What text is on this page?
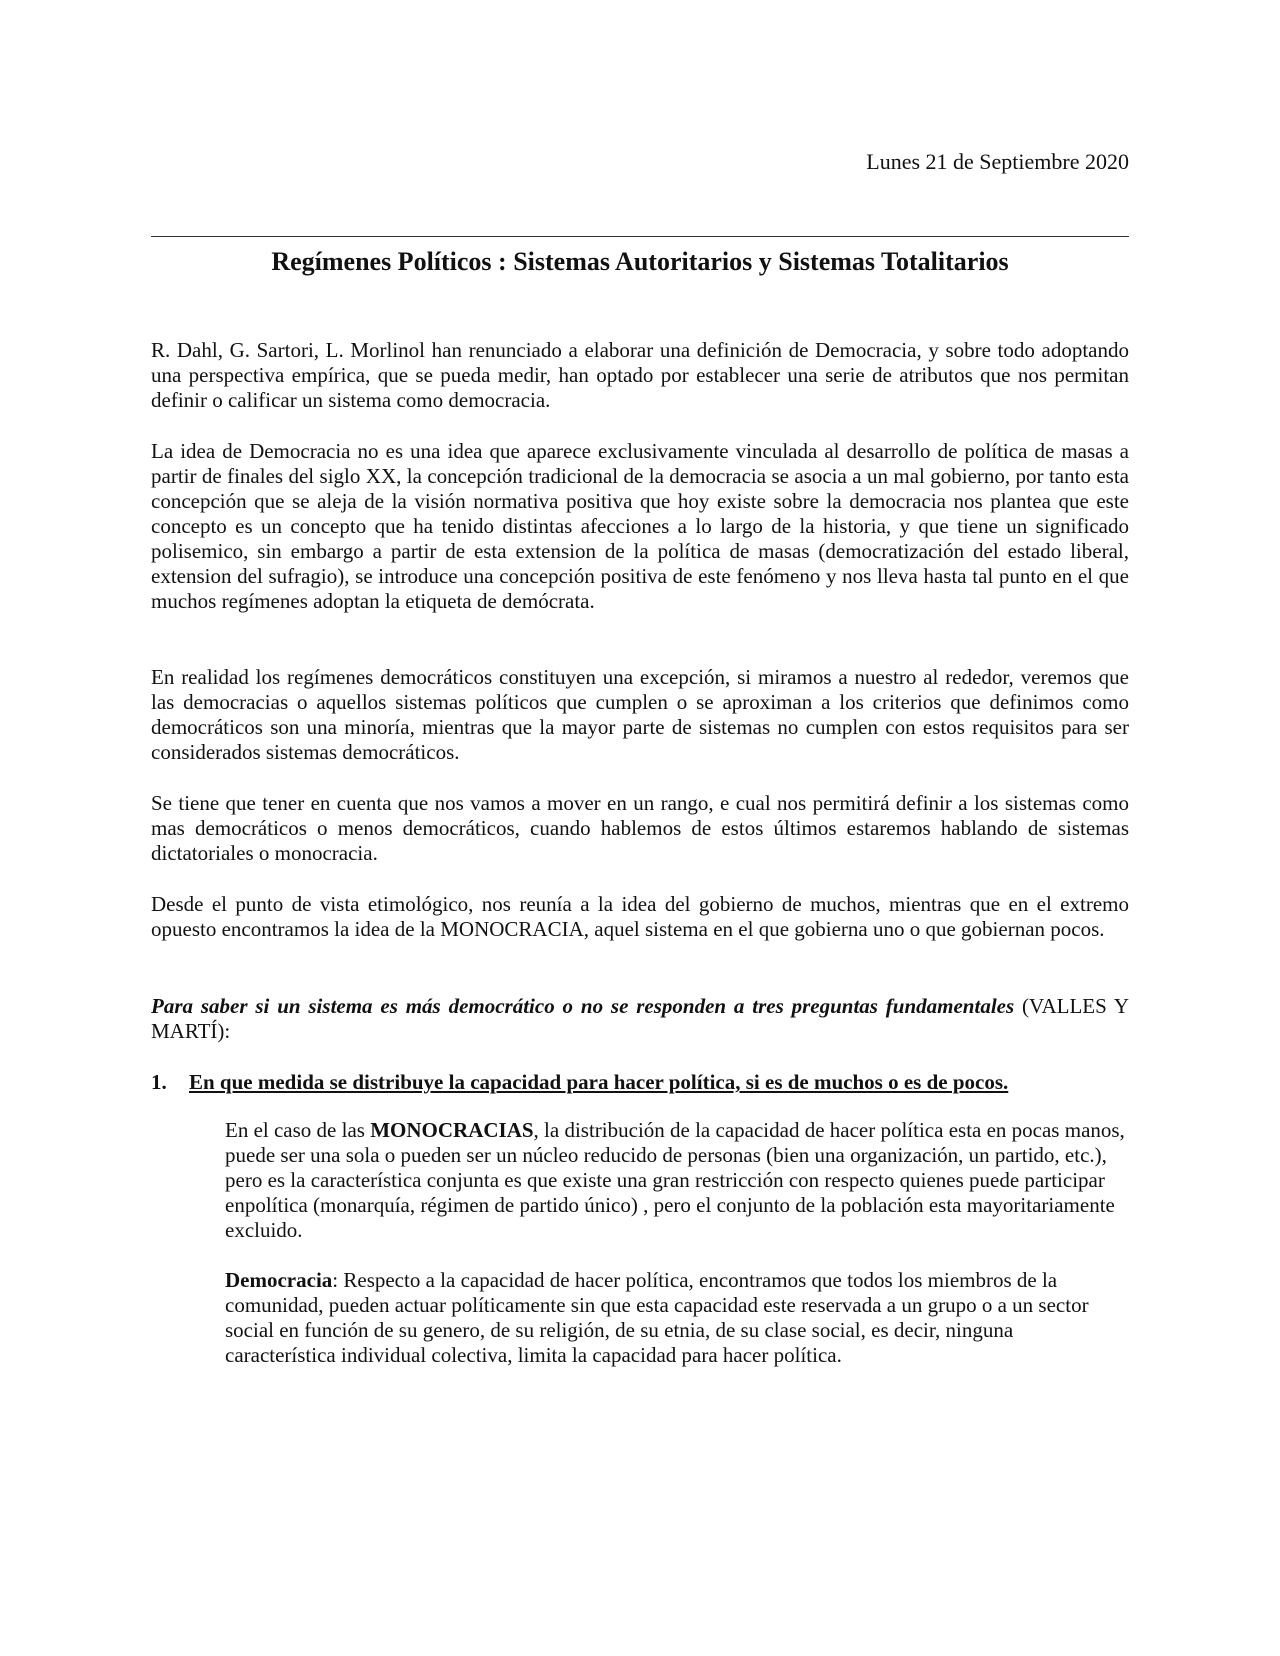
Lunes 21 de Septiembre 2020
Regímenes Políticos : Sistemas Autoritarios y Sistemas Totalitarios

R. Dahl, G. Sartori, L. Morlinol han renunciado a elaborar una definición de Democracia, y sobre todo adoptando una perspectiva empírica, que se pueda medir, han optado por establecer una serie de atributos que nos permitan definir o calificar un sistema como democracia.

La idea de Democracia no es una idea que aparece exclusivamente vinculada al desarrollo de política de masas a partir de finales del siglo XX, la concepción tradicional de la democracia se asocia a un mal gobierno, por tanto esta concepción que se aleja de la visión normativa positiva que hoy existe sobre la democracia nos plantea que este concepto es un concepto que ha tenido distintas afecciones a lo largo de la historia, y que tiene un significado polisemico, sin embargo a partir de esta extension de la política de masas (democratización del estado liberal, extension del sufragio), se introduce una concepción positiva de este fenómeno y nos lleva hasta tal punto en el que muchos regímenes adoptan la etiqueta de demócrata.

En realidad los regímenes democráticos constituyen una excepción, si miramos a nuestro al rededor, veremos que las democracias o aquellos sistemas políticos que cumplen o se aproximan a los criterios que definimos como democráticos son una minoría, mientras que la mayor parte de sistemas no cumplen con estos requisitos para ser considerados sistemas democráticos.

Se tiene que tener en cuenta que nos vamos a mover en un rango, e cual nos permitirá definir a los sistemas como mas democráticos o menos democráticos, cuando hablemos de estos últimos estaremos hablando de sistemas dictatoriales o monocracia.

Desde el punto de vista etimológico, nos reunía a la idea del gobierno de muchos, mientras que en el extremo opuesto encontramos la idea de la MONOCRACIA, aquel sistema en el que gobierna uno o que gobiernan pocos.

Para saber si un sistema es más democrático o no se responden a tres preguntas fundamentales (VALLES Y MARTÍ):

1. En que medida se distribuye la capacidad para hacer política, si es de muchos o es de pocos.

En el caso de las MONOCRACIAS, la distribución de la capacidad de hacer política esta en pocas manos, puede ser una sola o pueden ser un núcleo reducido de personas (bien una organización, un partido, etc.), pero es la característica conjunta es que existe una gran restricción con respecto quienes puede participar enpolítica (monarquía, régimen de partido único) , pero el conjunto de la población esta mayoritariamente excluido.

Democracia: Respecto a la capacidad de hacer política, encontramos que todos los miembros de la comunidad, pueden actuar políticamente sin que esta capacidad este reservada a un grupo o a un sector social en función de su genero, de su religión, de su etnia, de su clase social, es decir, ninguna característica individual colectiva, limita la capacidad para hacer política.
